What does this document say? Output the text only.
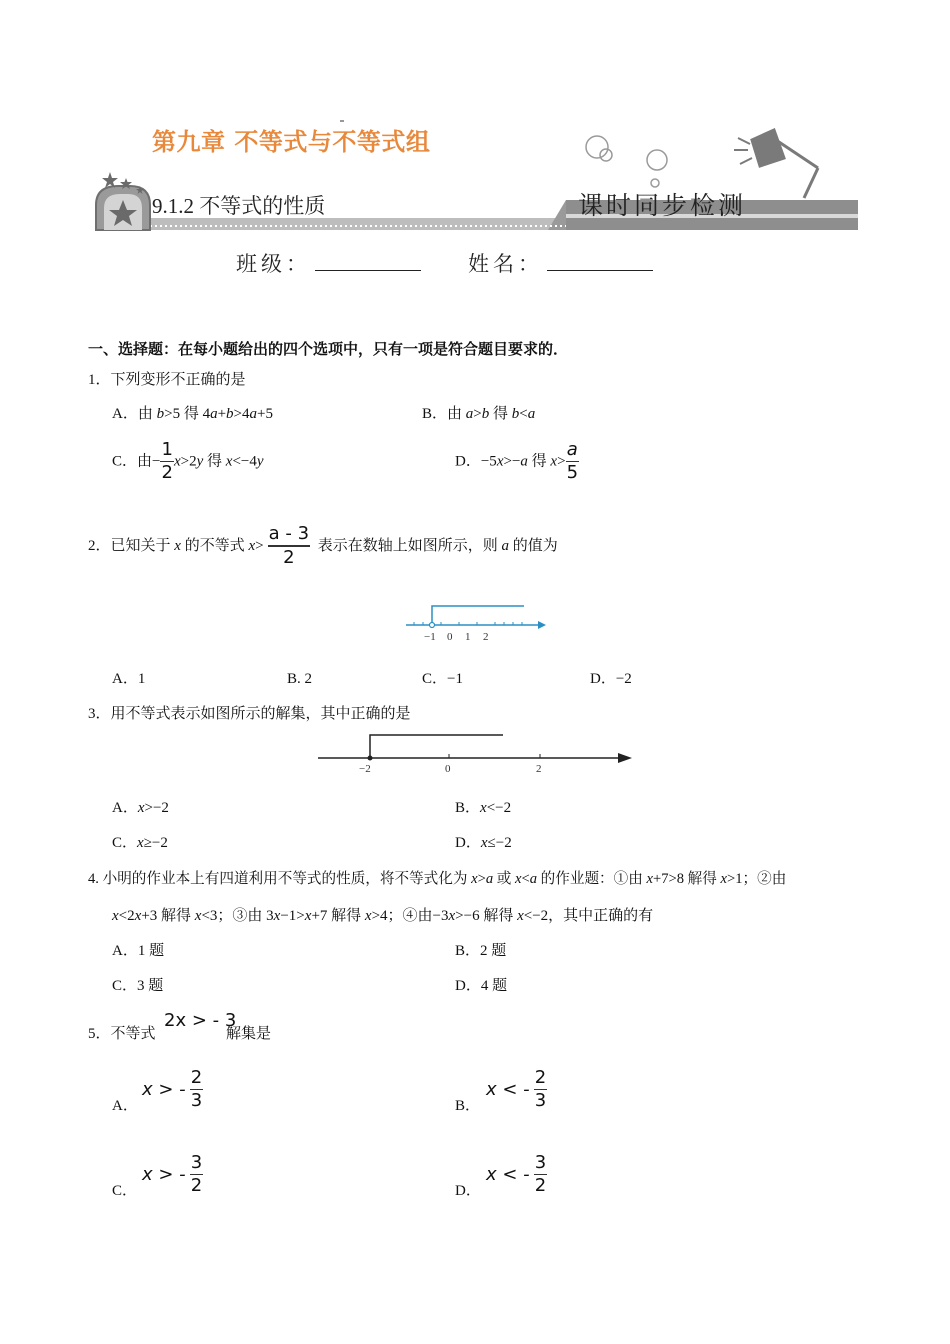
第九章 不等式与不等式组
9.1.2 不等式的性质	课时同步检测
班级：	姓名：
一、选择题：在每小题给出的四个选项中，只有一项是符合题目要求的．
1．下列变形不正确的是
A．由 b>5 得 4a+b>4a+5	B．由 a>b 得 b<a
C．由− $\frac{1}{2} x>2y$ 得 x<−4y	D．−5x>−a 得 $x> \frac{a}{5}$
2．已知关于 x 的不等式 $x> \frac{a - 3}{2}$ 表示在数轴上如图所示，则 a 的值为
−1 0 1 2
A．1	B. 2	C．−1	D．−2
3．用不等式表示如图所示的解集，其中正确的是
−2	0	2
A．x>−2	B．x<−2
C．x≥−2	D．x≤−2
4. 小明的作业本上有四道利用不等式的性质，将不等式化为 x>a 或 x<a 的作业题：①由 x+7>8 解得 x>1；②由
x<2x+3 解得 x<3；③由 3x−1>x+7 解得 x>4；④由−3x>−6 解得 x<−2，其中正确的有
A．1 题	B．2 题
C．3 题	D．4 题
5．不等式
2x > - 3
解集是
A．
x > - $\frac{2}{3}$	B．
x < - $\frac{2}{3}$
C．
x > - $\frac{3}{2}$	D．
x < - $\frac{3}{2}$
